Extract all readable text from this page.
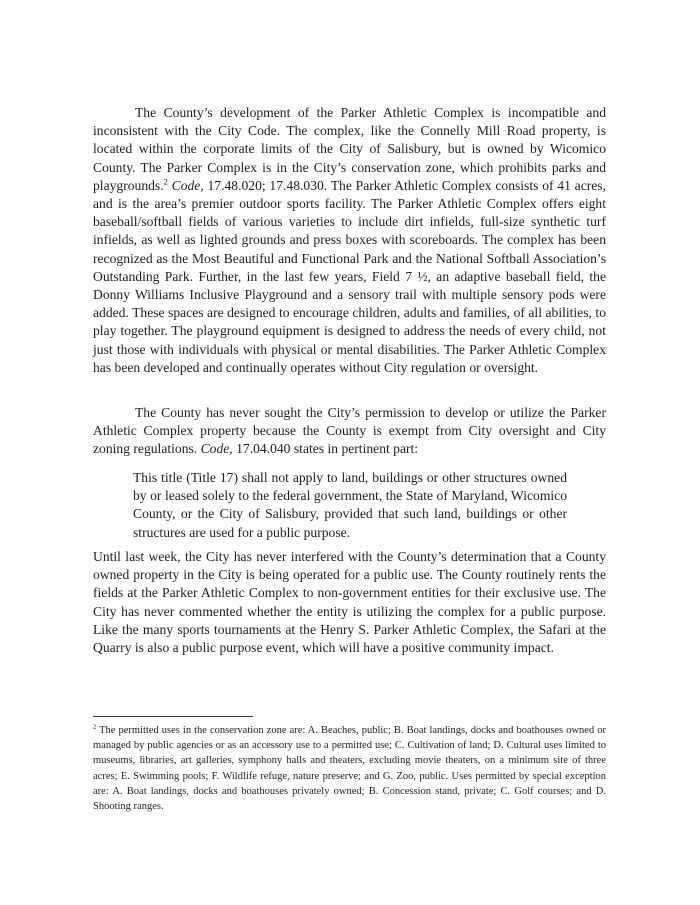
The County’s development of the Parker Athletic Complex is incompatible and inconsistent with the City Code. The complex, like the Connelly Mill Road property, is located within the corporate limits of the City of Salisbury, but is owned by Wicomico County. The Parker Complex is in the City’s conservation zone, which prohibits parks and playgrounds.$^2$ Code, 17.48.020; 17.48.030. The Parker Athletic Complex consists of 41 acres, and is the area’s premier outdoor sports facility. The Parker Athletic Complex offers eight baseball/softball fields of various varieties to include dirt infields, full-size synthetic turf infields, as well as lighted grounds and press boxes with scoreboards. The complex has been recognized as the Most Beautiful and Functional Park and the National Softball Association’s Outstanding Park. Further, in the last few years, Field 7 ½, an adaptive baseball field, the Donny Williams Inclusive Playground and a sensory trail with multiple sensory pods were added. These spaces are designed to encourage children, adults and families, of all abilities, to play together. The playground equipment is designed to address the needs of every child, not just those with individuals with physical or mental disabilities. The Parker Athletic Complex has been developed and continually operates without City regulation or oversight.

The County has never sought the City’s permission to develop or utilize the Parker Athletic Complex property because the County is exempt from City oversight and City zoning regulations. Code, 17.04.040 states in pertinent part:

This title (Title 17) shall not apply to land, buildings or other structures owned by or leased solely to the federal government, the State of Maryland, Wicomico County, or the City of Salisbury, provided that such land, buildings or other structures are used for a public purpose.

Until last week, the City has never interfered with the County’s determination that a County owned property in the City is being operated for a public use. The County routinely rents the fields at the Parker Athletic Complex to non-government entities for their exclusive use. The City has never commented whether the entity is utilizing the complex for a public purpose. Like the many sports tournaments at the Henry S. Parker Athletic Complex, the Safari at the Quarry is also a public purpose event, which will have a positive community impact.

$^2$ The permitted uses in the conservation zone are: A. Beaches, public; B. Boat landings, docks and boathouses owned or managed by public agencies or as an accessory use to a permitted use; C. Cultivation of land; D. Cultural uses limited to museums, libraries, art galleries, symphony halls and theaters, excluding movie theaters, on a minimum site of three acres; E. Swimming pools; F. Wildlife refuge, nature preserve; and G. Zoo, public. Uses permitted by special exception are: A. Boat landings, docks and boathouses privately owned; B. Concession stand, private; C. Golf courses; and D. Shooting ranges.
